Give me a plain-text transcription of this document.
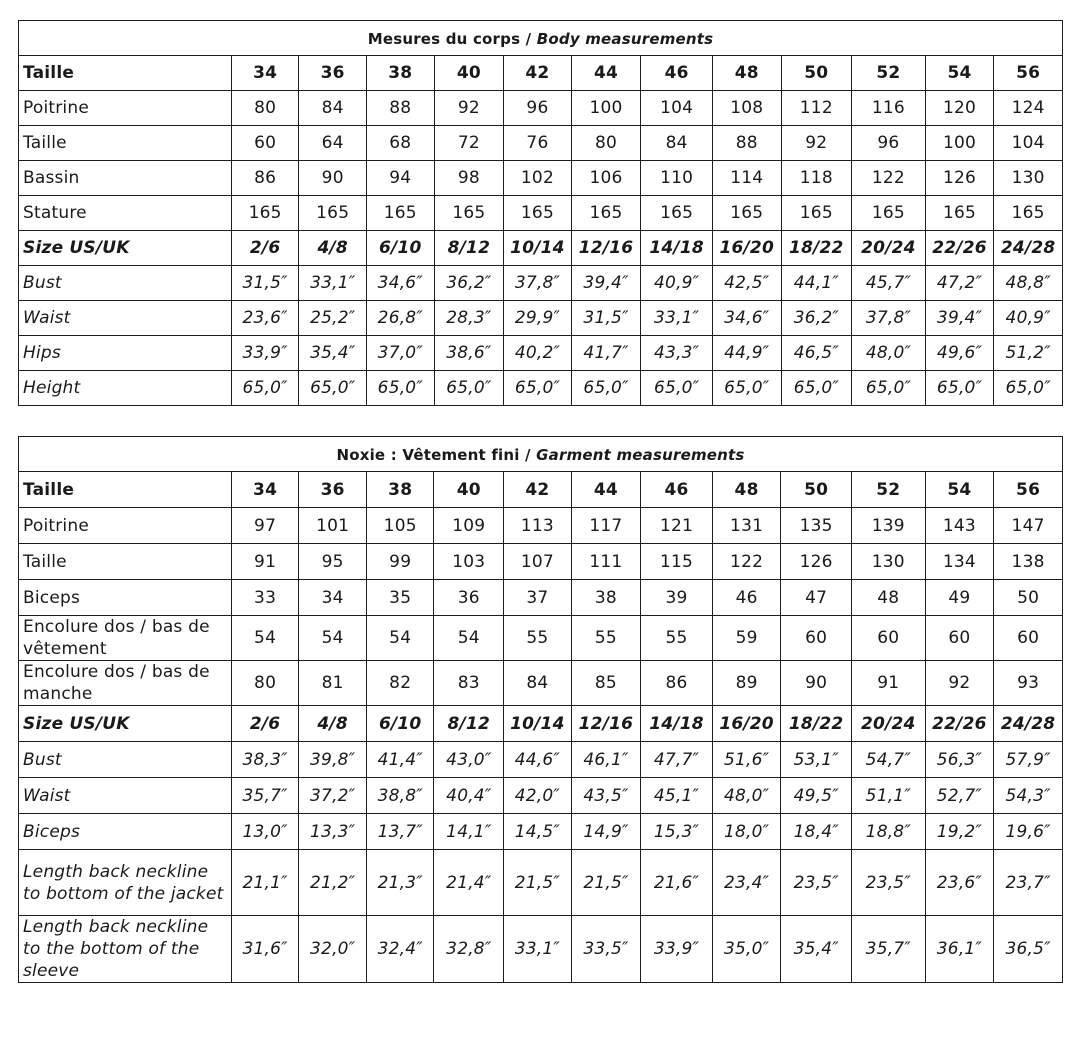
Mesures du corps / Body measurements												
Taille	34	36	38	40	42	44	46	48	50	52	54	56
Poitrine	80	84	88	92	96	100	104	108	112	116	120	124
Taille	60	64	68	72	76	80	84	88	92	96	100	104
Bassin	86	90	94	98	102	106	110	114	118	122	126	130
Stature	165	165	165	165	165	165	165	165	165	165	165	165
Size US/UK	2/6	4/8	6/10	8/12	10/14	12/16	14/18	16/20	18/22	20/24	22/26	24/28
Bust	31,5″	33,1″	34,6″	36,2″	37,8″	39,4″	40,9″	42,5″	44,1″	45,7″	47,2″	48,8″
Waist	23,6″	25,2″	26,8″	28,3″	29,9″	31,5″	33,1″	34,6″	36,2″	37,8″	39,4″	40,9″
Hips	33,9″	35,4″	37,0″	38,6″	40,2″	41,7″	43,3″	44,9″	46,5″	48,0″	49,6″	51,2″
Height	65,0″	65,0″	65,0″	65,0″	65,0″	65,0″	65,0″	65,0″	65,0″	65,0″	65,0″	65,0″
Noxie : Vêtement fini / Garment measurements												
Taille	34	36	38	40	42	44	46	48	50	52	54	56
Poitrine	97	101	105	109	113	117	121	131	135	139	143	147
Taille	91	95	99	103	107	111	115	122	126	130	134	138
Biceps	33	34	35	36	37	38	39	46	47	48	49	50
Encolure dos / bas de vêtement	54	54	54	54	55	55	55	59	60	60	60	60
Encolure dos / bas de manche	80	81	82	83	84	85	86	89	90	91	92	93
Size US/UK	2/6	4/8	6/10	8/12	10/14	12/16	14/18	16/20	18/22	20/24	22/26	24/28
Bust	38,3″	39,8″	41,4″	43,0″	44,6″	46,1″	47,7″	51,6″	53,1″	54,7″	56,3″	57,9″
Waist	35,7″	37,2″	38,8″	40,4″	42,0″	43,5″	45,1″	48,0″	49,5″	51,1″	52,7″	54,3″
Biceps	13,0″	13,3″	13,7″	14,1″	14,5″	14,9″	15,3″	18,0″	18,4″	18,8″	19,2″	19,6″
Length back neckline to bottom of the jacket	21,1″	21,2″	21,3″	21,4″	21,5″	21,5″	21,6″	23,4″	23,5″	23,5″	23,6″	23,7″
Length back neckline to the bottom of the sleeve	31,6″	32,0″	32,4″	32,8″	33,1″	33,5″	33,9″	35,0″	35,4″	35,7″	36,1″	36,5″
